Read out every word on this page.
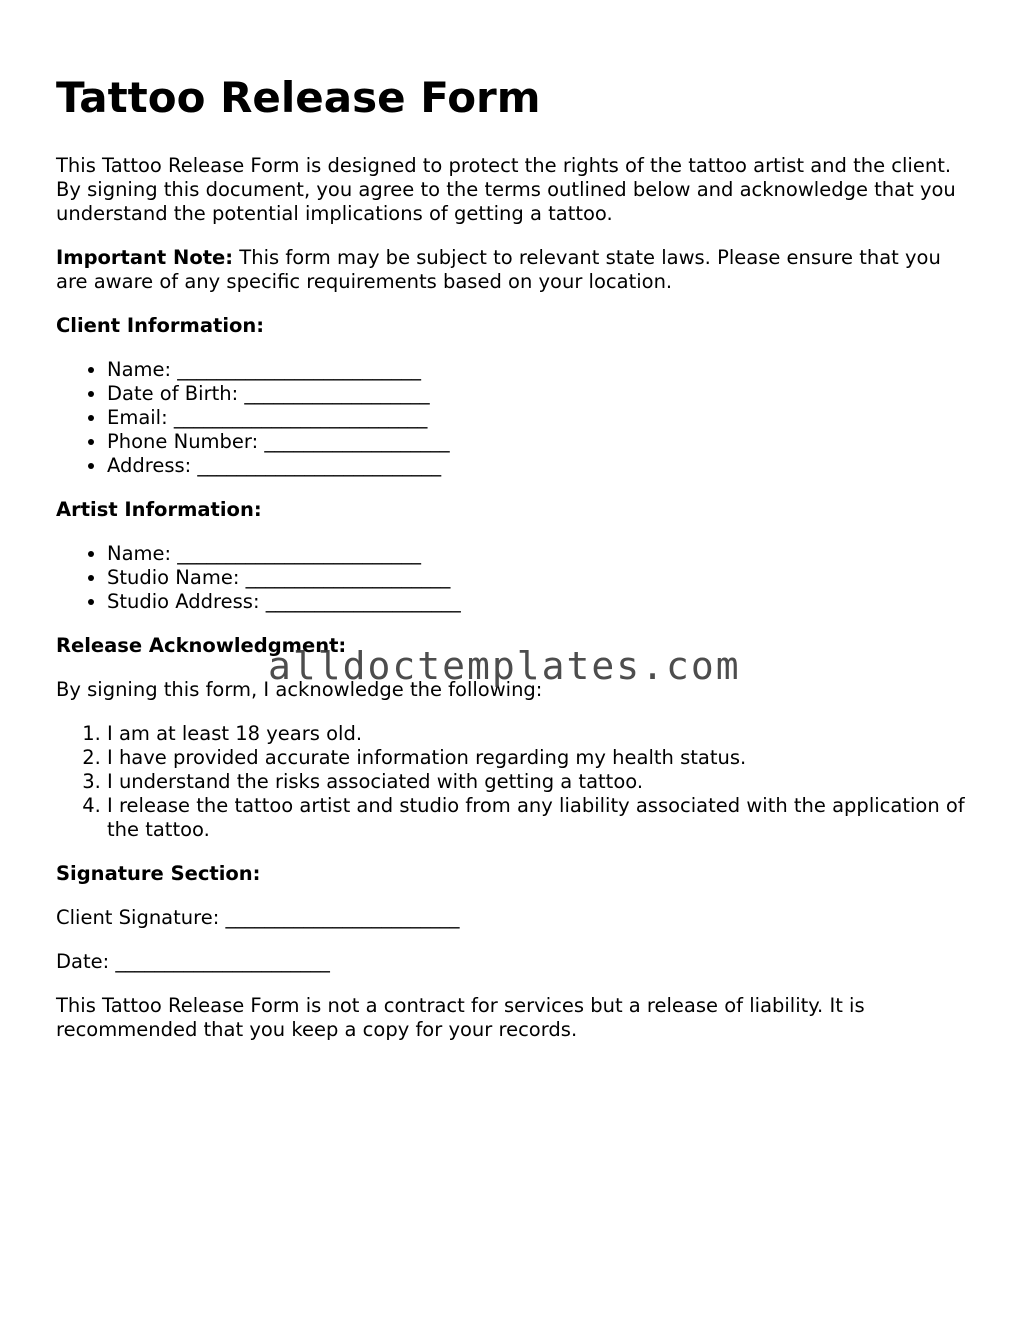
Tattoo Release Form

This Tattoo Release Form is designed to protect the rights of the tattoo artist and the client. By signing this document, you agree to the terms outlined below and acknowledge that you understand the potential implications of getting a tattoo.

Important Note: This form may be subject to relevant state laws. Please ensure that you are aware of any specific requirements based on your location.

Client Information:
• Name: _________________________
• Date of Birth: ___________________
• Email: __________________________
• Phone Number: ___________________
• Address: _________________________
Artist Information:
• Name: _________________________
• Studio Name: _____________________
• Studio Address: ____________________
Release Acknowledgment:

By signing this form, I acknowledge the following:

1. I am at least 18 years old.
2. I have provided accurate information regarding my health status.
3. I understand the risks associated with getting a tattoo.
4. I release the tattoo artist and studio from any liability associated with the application of the tattoo.
Signature Section:

Client Signature: ________________________

Date: ______________________

This Tattoo Release Form is not a contract for services but a release of liability. It is recommended that you keep a copy for your records.

alldoctemplates.com
